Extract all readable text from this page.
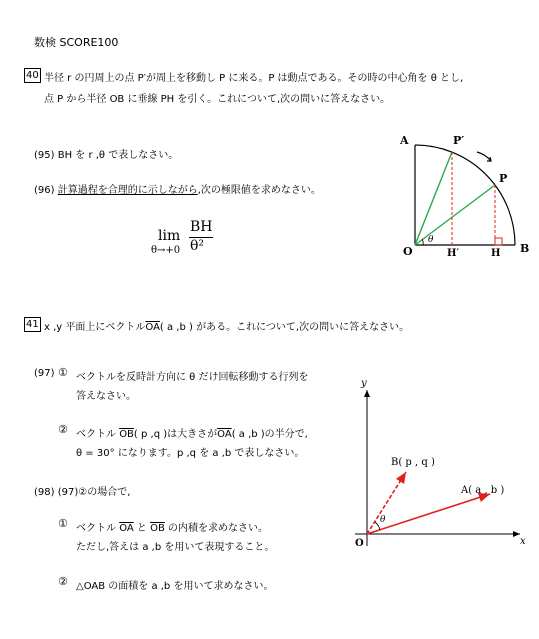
数検 SCORE100
40 半径 r の円周上の点 P′が周上を移動し P に来る。P は動点である。その時の中心角を θ とし,
点 P から半径 OB に垂線 PH を引く。これについて,次の問いに答えなさい。
(95) BH を r ,θ で表しなさい。
(96) 計算過程を合理的に示しながら,次の極限値を求めなさい。
lim
θ→+0
BH
θ²
A	P′
P
O
θ
H′	H B
41 x ,y 平面上にベクトル$\overline{OA}$( a ,b ) がある。これについて,次の問いに答えなさい。
(97) ① ベクトルを反時計方向に θ だけ回転移動する行列を
答えなさい。
② ベクトル $\overline{OB}$( p ,q )は大きさが$\overline{OA}$( a ,b )の半分で,
θ = 30° になります。p ,q を a ,b で表しなさい。
(98) (97)②の場合で,
① ベクトル $\overline{OA}$ と $\overline{OB}$ の内積を求めなさい。
ただし,答えは a ,b を用いて表現すること。
② △OAB の面積を a ,b を用いて求めなさい。
y
x
O
B( p , q )
A( a , b )
θ
